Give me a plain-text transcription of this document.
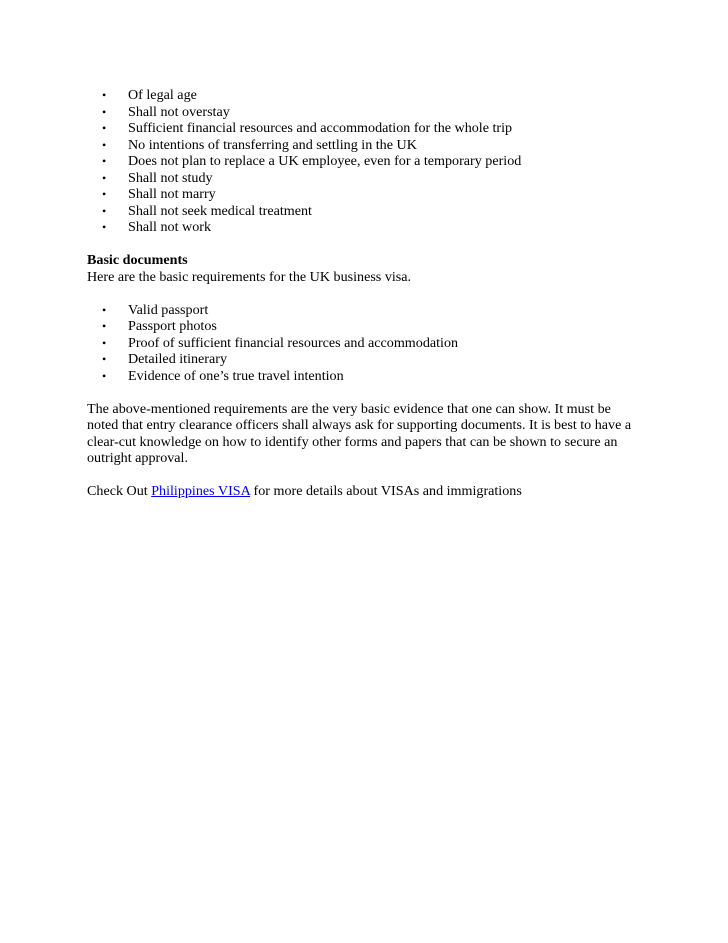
• Of legal age
• Shall not overstay
• Sufficient financial resources and accommodation for the whole trip
• No intentions of transferring and settling in the UK
• Does not plan to replace a UK employee, even for a temporary period
• Shall not study
• Shall not marry
• Shall not seek medical treatment
• Shall not work
Basic documents
Here are the basic requirements for the UK business visa.
• Valid passport
• Passport photos
• Proof of sufficient financial resources and accommodation
• Detailed itinerary
• Evidence of one’s true travel intention
The above-mentioned requirements are the very basic evidence that one can show. It must be
noted that entry clearance officers shall always ask for supporting documents. It is best to have a
clear-cut knowledge on how to identify other forms and papers that can be shown to secure an
outright approval.
Check Out Philippines VISA for more details about VISAs and immigrations
